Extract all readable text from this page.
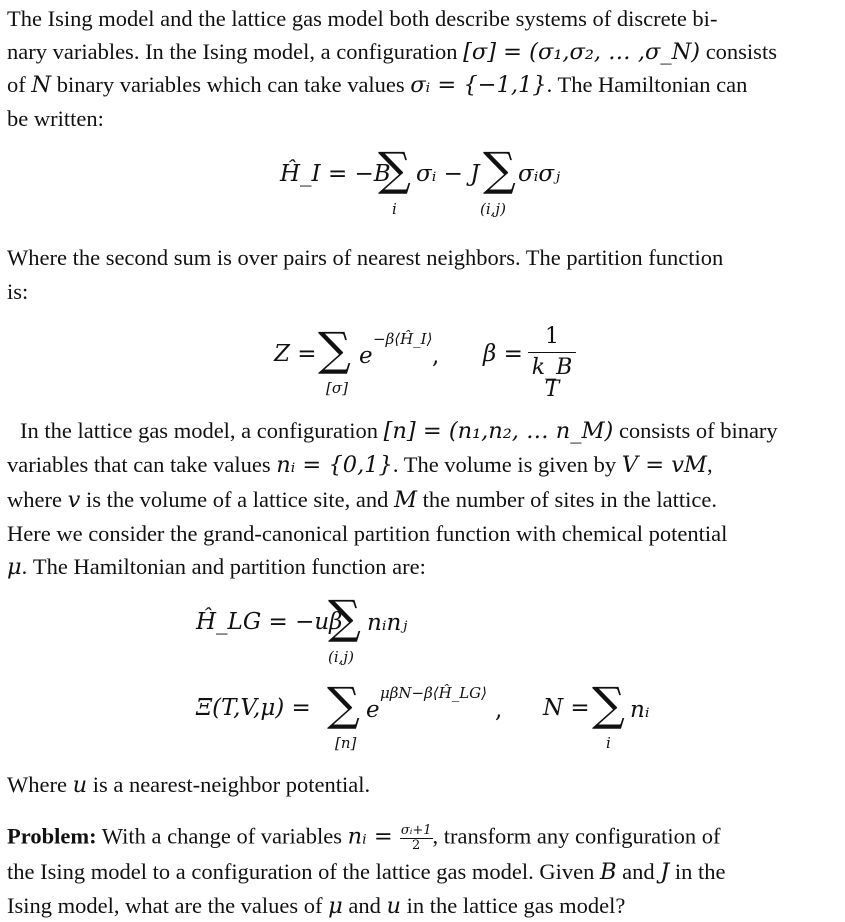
The Ising model and the lattice gas model both describe systems of discrete bi-
nary variables. In the Ising model, a configuration [σ] = (σ₁,σ₂, … ,σ_N) consists
of N binary variables which can take values σᵢ = {−1,1}. The Hamiltonian can
be written:
Ĥ_I = −B
∑ σᵢ − J ∑ σᵢσⱼ
i	(i,j)
Where the second sum is over pairs of nearest neighbors. The partition function
is:
Z = ∑ e
−β⟨Ĥ_I⟩
, β =
1
k_B T
[σ]
In the lattice gas model, a configuration [n] = (n₁,n₂, … n_M) consists of binary
variables that can take values nᵢ = {0,1}. The volume is given by V = vM,
where v is the volume of a lattice site, and M the number of sites in the lattice.
Here we consider the grand-canonical partition function with chemical potential
μ. The Hamiltonian and partition function are:
Ĥ_LG = −uβ
∑ nᵢnⱼ
(i,j)
Ξ(T,V,μ) = ∑ e
μβN−β⟨Ĥ_LG⟩
, N = ∑ nᵢ
[n]	i
Where u is a nearest-neighbor potential.
Problem: With a change of variables nᵢ = $\frac{\text{σᵢ+1}}{2}$ , transform any configuration of
the Ising model to a configuration of the lattice gas model. Given B and J in the
Ising model, what are the values of μ and u in the lattice gas model?
